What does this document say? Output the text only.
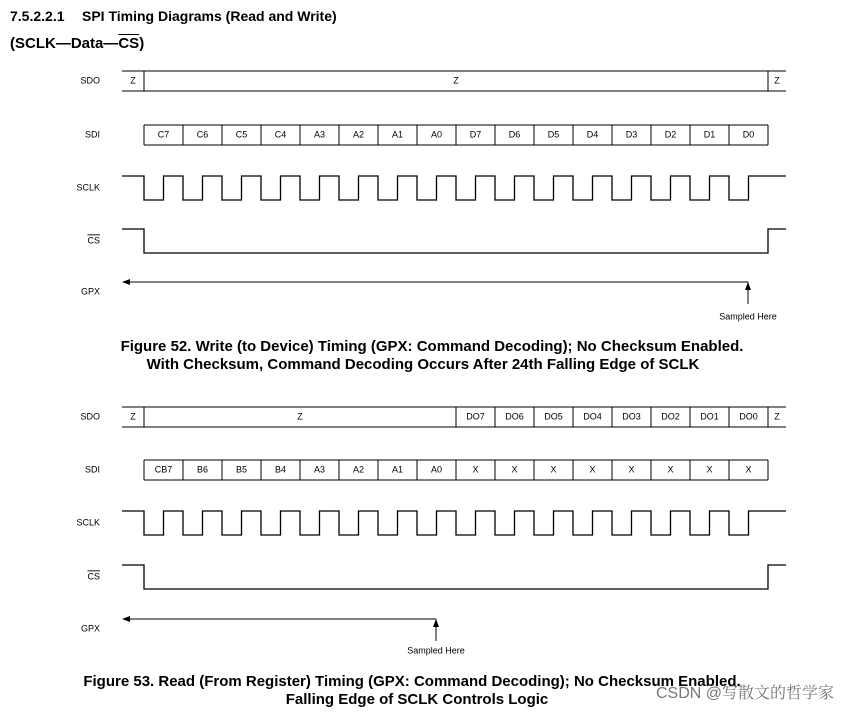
7.5.2.2.1 SPI Timing Diagrams (Read and Write)
$(SCLK—Data—\overline{CS})$
SDO
SDI
SCLK
CS
GPX
Z	Z
Z
C7	C6	C5	C4	A3	A2	A1	A0	D7	D6	D5	D4	D3	D2	D1	D0
Sampled Here
SDO
SDI
SCLK
CS
GPX
Z	Z
Z	DO7 DO6 DO5 DO4 DO3 DO2 DO1 DO0
CB7	B6	B5	B4	A3	A2	A1	A0	X	X	X	X	X	X	X	X
Sampled Here
Figure 52. Write (to Device) Timing (GPX: Command Decoding); No Checksum Enabled.
With Checksum, Command Decoding Occurs After 24th Falling Edge of SCLK
Figure 53. Read (From Register) Timing (GPX: Command Decoding); No Checksum Enabled.
Falling Edge of SCLK Controls Logic	CSDN @写散文的哲学家
